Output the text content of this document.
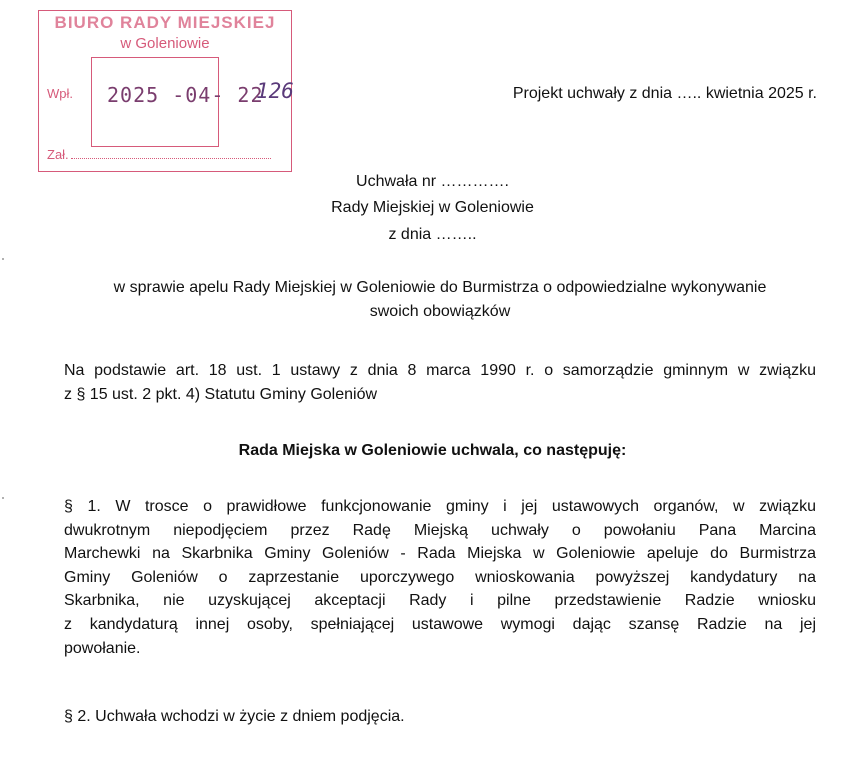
BIURO RADY MIEJSKIEJ
w Goleniowie
Wpł. 2025 -04- 22
126
Zał.
Projekt uchwały z dnia ….. kwietnia 2025 r.
Uchwała nr ………….
Rady Miejskiej w Goleniowie
z dnia ……..
w sprawie apelu Rady Miejskiej w Goleniowie do Burmistrza o odpowiedzialne wykonywanie
swoich obowiązków
Na podstawie art. 18 ust. 1 ustawy z dnia 8 marca 1990 r. o samorządzie gminnym w związku
z § 15 ust. 2 pkt. 4) Statutu Gminy Goleniów
Rada Miejska w Goleniowie uchwala, co następuję:
§ 1. W trosce o prawidłowe funkcjonowanie gminy i jej ustawowych organów, w związku
dwukrotnym niepodjęciem przez Radę Miejską uchwały o powołaniu Pana Marcina
Marchewki na Skarbnika Gminy Goleniów - Rada Miejska w Goleniowie apeluje do Burmistrza
Gminy Goleniów o zaprzestanie uporczywego wnioskowania powyższej kandydatury na
Skarbnika, nie uzyskującej akceptacji Rady i pilne przedstawienie Radzie wniosku
z kandydaturą innej osoby, spełniającej ustawowe wymogi dając szansę Radzie na jej
powołanie.
§ 2. Uchwała wchodzi w życie z dniem podjęcia.
